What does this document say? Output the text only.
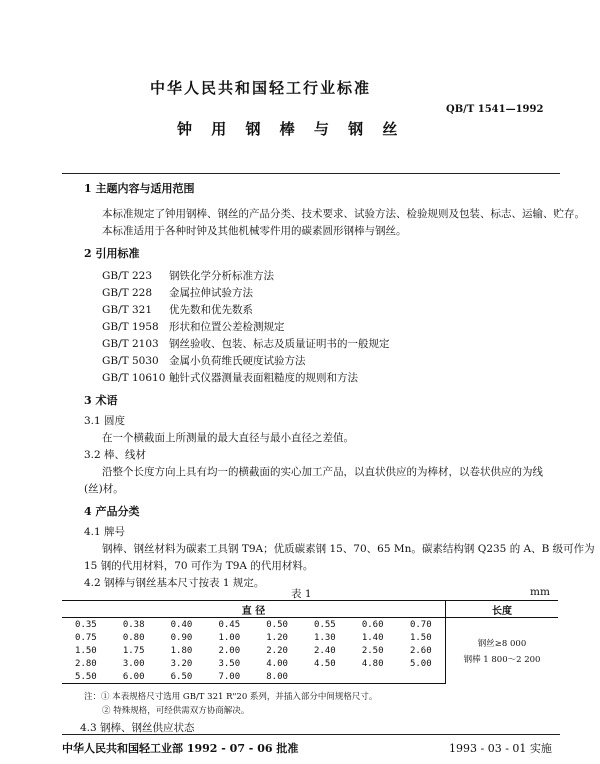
中华人民共和国轻工行业标准
QB/T 1541—1992
钟 用 钢 棒 与 钢 丝
1 主题内容与适用范围
本标准规定了钟用钢棒、钢丝的产品分类、技术要求、试验方法、检验规则及包装、标志、运输、贮存。
本标准适用于各种时钟及其他机械零件用的碳素圆形钢棒与钢丝。
2 引用标准
GB/T 223 钢铁化学分析标准方法
GB/T 228 金属拉伸试验方法
GB/T 321 优先数和优先数系
GB/T 1958 形状和位置公差检测规定
GB/T 2103 钢丝验收、包装、标志及质量证明书的一般规定
GB/T 5030 金属小负荷维氏硬度试验方法
GB/T 10610 触针式仪器测量表面粗糙度的规则和方法
3 术语
3.1 圆度
在一个横截面上所测量的最大直径与最小直径之差值。
3.2 棒、线材
沿整个长度方向上具有均一的横截面的实心加工产品，以直状供应的为棒材，以卷状供应的为线
(丝)材。
4 产品分类
4.1 牌号
钢棒、钢丝材料为碳素工具钢 T9A；优质碳素钢 15、70、65 Mn。碳素结构钢 Q235 的 A、B 级可作为
15 钢的代用材料，70 可作为 T9A 的代用材料。
4.2 钢棒与钢丝基本尺寸按表 1 规定。
表 1	mm
直 径								长度
0.35	0.38	0.40	0.45	0.50	0.55	0.60	0.70	钢丝≥8 000
钢棒 1 800～2 200

0.75	0.80	0.90	1.00	1.20	1.30	1.40	1.50	
1.50	1.75	1.80	2.00	2.20	2.40	2.50	2.60	
2.80	3.00	3.20	3.50	4.00	4.50	4.80	5.00	
5.50	6.00	6.50	7.00	8.00				
注：① 本表规格尺寸选用 GB/T 321 R"20 系列，并插入部分中间规格尺寸。
② 特殊规格，可经供需双方协商解决。
4.3 钢棒、钢丝供应状态
中华人民共和国轻工业部 1992 - 07 - 06 批准	1993 - 03 - 01 实施
